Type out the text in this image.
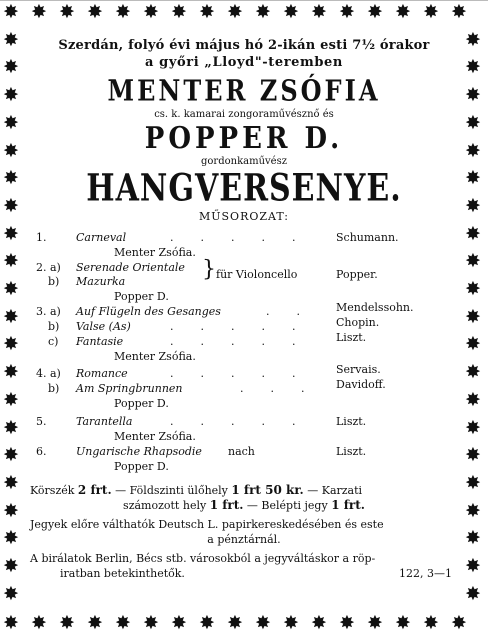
✸
✸
✸
✸
✸
✸
✸
✸
✸
✸
✸
✸
✸
✸
✸
✸
✸
✸
✸
✸
✸
✸
✸
✸
✸
✸
✸
✸
✸
✸
✸
✸
✸
✸
✸	✸
✸	✸
✸	✸
✸	✸
✸	✸
✸	✸
✸	✸
✸	✸
✸	✸
✸	✸
✸	✸
✸	✸
✸	✸
✸	✸
✸	✸
✸	✸
✸	✸
✸	✸
✸	✸
✸	✸
✸	✸
Szerdán, folyó évi május hó 2-ikán esti 7½ órakor
a győri „Lloyd"-teremben
MENTER ZSÓFIA
cs. k. kamarai zongoraművésznő és
POPPER D.
gordonkaművész
HANGVERSENYE.
MŰSOROZAT:
1.	Carneval	..... Schumann.
Menter Zsófia.
2. a) Serenade Orientale } für Violoncello	Popper.
b) Mazurka
Popper D.
3. a) Auf Flügeln des Gesanges	.. Mendelssohn.
b) Valse (As)	..... Chopin.
c) Fantasie	..... Liszt.
Menter Zsófia.
4. a) Romance	..... Servais.
b) Am Springbrunnen	... Davidoff.
Popper D.
5.	Tarantella	..... Liszt.
Menter Zsófia.
6.	Ungarische Rhapsodie nach	Liszt.
Popper D.
Körszék 2 frt. — Földszinti ülőhely 1 frt 50 kr. — Karzati
számozott hely 1 frt. — Belépti jegy 1 frt.
Jegyek előre válthatók Deutsch L. papirkereskedésében és este
a pénztárnál.
A birálatok Berlin, Bécs stb. városokból a jegyváltáskor a röp-
iratban betekinthetők.	122, 3—1
